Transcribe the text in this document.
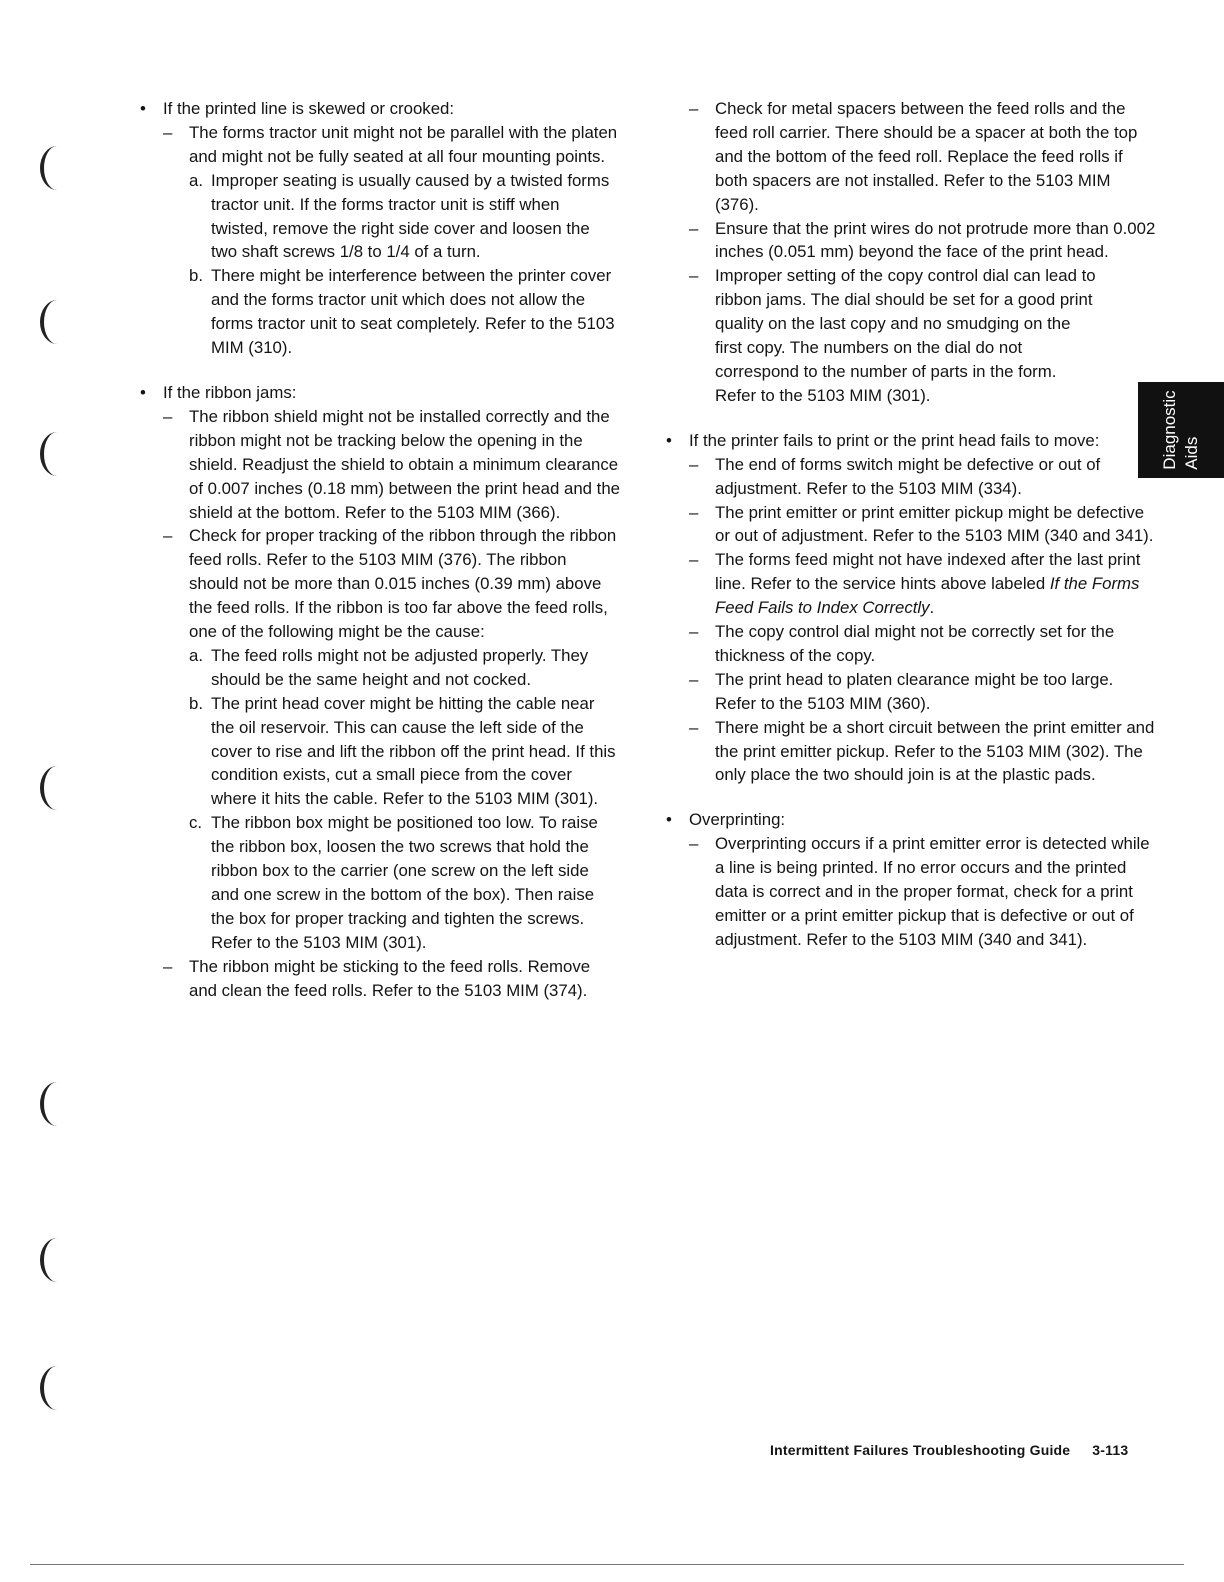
•	If the printed line is skewed or crooked:
– The forms tractor unit might not be parallel with the platen and might not be fully seated at all four mounting points.
a. Improper seating is usually caused by a twisted forms tractor unit. If the forms tractor unit is stiff when twisted, remove the right side cover and loosen the two shaft screws 1/8 to 1/4 of a turn.
b. There might be interference between the printer cover and the forms tractor unit which does not allow the forms tractor unit to seat completely. Refer to the 5103 MIM (310).
•	If the ribbon jams:
– The ribbon shield might not be installed correctly and the ribbon might not be tracking below the opening in the shield. Readjust the shield to obtain a minimum clearance of 0.007 inches (0.18 mm) between the print head and the shield at the bottom. Refer to the 5103 MIM (366).
– Check for proper tracking of the ribbon through the ribbon feed rolls. Refer to the 5103 MIM (376). The ribbon should not be more than 0.015 inches (0.39 mm) above the feed rolls. If the ribbon is too far above the feed rolls, one of the following might be the cause:
a. The feed rolls might not be adjusted properly. They should be the same height and not cocked.
b. The print head cover might be hitting the cable near the oil reservoir. This can cause the left side of the cover to rise and lift the ribbon off the print head. If this condition exists, cut a small piece from the cover where it hits the cable. Refer to the 5103 MIM (301).
c. The ribbon box might be positioned too low. To raise the ribbon box, loosen the two screws that hold the ribbon box to the carrier (one screw on the left side and one screw in the bottom of the box). Then raise the box for proper tracking and tighten the screws. Refer to the 5103 MIM (301).
– The ribbon might be sticking to the feed rolls. Remove and clean the feed rolls. Refer to the 5103 MIM (374).
– Check for metal spacers between the feed rolls and the feed roll carrier. There should be a spacer at both the top and the bottom of the feed roll. Replace the feed rolls if both spacers are not installed. Refer to the 5103 MIM (376).
– Ensure that the print wires do not protrude more than 0.002 inches (0.051 mm) beyond the face of the print head.
– Improper setting of the copy control dial can lead to ribbon jams. The dial should be set for a good print quality on the last copy and no smudging on the first copy. The numbers on the dial do not correspond to the number of parts in the form. Refer to the 5103 MIM (301).
•	If the printer fails to print or the print head fails to move:
– The end of forms switch might be defective or out of adjustment. Refer to the 5103 MIM (334).
– The print emitter or print emitter pickup might be defective or out of adjustment. Refer to the 5103 MIM (340 and 341).
– The forms feed might not have indexed after the last print line. Refer to the service hints above labeled If the Forms Feed Fails to Index Correctly.
– The copy control dial might not be correctly set for the thickness of the copy.
– The print head to platen clearance might be too large. Refer to the 5103 MIM (360).
– There might be a short circuit between the print emitter and the print emitter pickup. Refer to the 5103 MIM (302). The only place the two should join is at the plastic pads.
•	Overprinting:
– Overprinting occurs if a print emitter error is detected while a line is being printed. If no error occurs and the printed data is correct and in the proper format, check for a print emitter or a print emitter pickup that is defective or out of adjustment. Refer to the 5103 MIM (340 and 341).
Diagnostic Aids
Intermittent Failures Troubleshooting Guide 3-113
